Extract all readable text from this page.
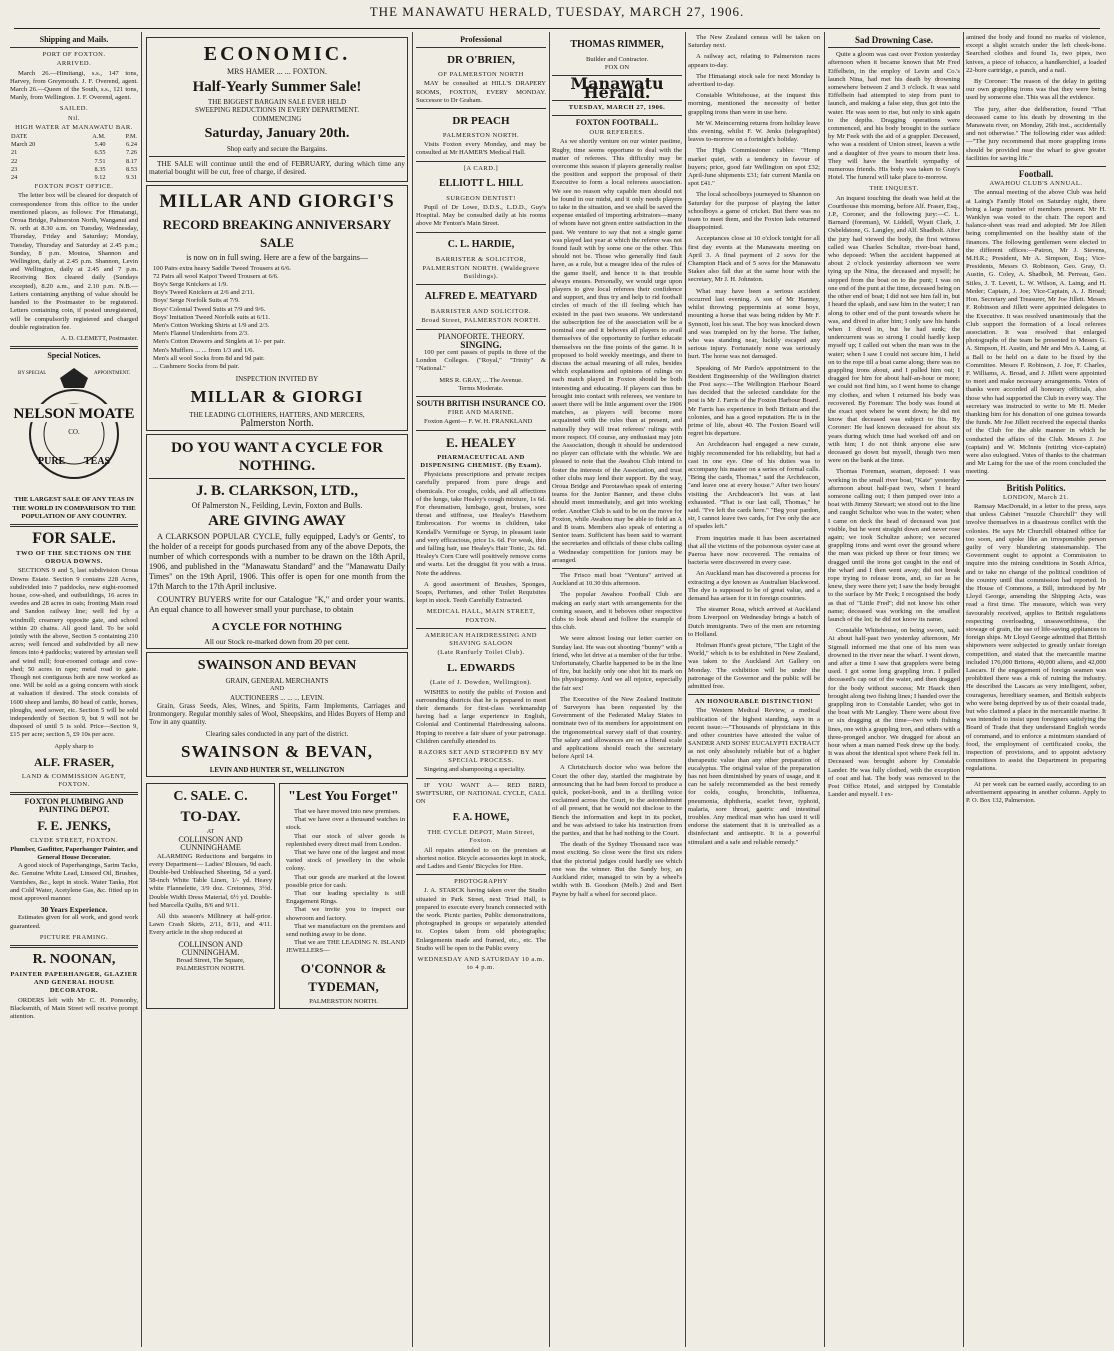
THE MANAWATU HERALD, TUESDAY, MARCH 27, 1906.
Shipping and Mails.
PORT OF FOXTON.
ARRIVED.
March 26.—Himitangi, s.s., 147 tons, Harvey, from Greymouth. J. F. Overend, agent. March 26.—Queen of the South, s.s., 121 tons, Manly, from Wellington. J. F. Overend, agent.
SAILED.
Nil.
HIGH WATER AT MANAWATU BAR.
DATE	A.M.	P.M.
March 20	5.40	6.24
21	6.55	7.26
22	7.51	8.17
23	8.35	8.53
24	9.12	9.31
FOXTON POST OFFICE.
The letter box will be cleared for despatch of correspondence from this office to the under mentioned places, as follows: For Himatangi, Oroua Bridge, Palmerston North, Wanganui and N. orth at 8.30 a.m. on Tuesday, Wednesday, Thursday, Friday and Saturday; Monday, Tuesday, Thursday and Saturday at 2.45 p.m.; Sunday, 8 p.m. Moutoa, Shannon and Wellington, daily at 2.45 p.m. Shannon, Levin and Wellington, daily at 2.45 and 7 p.m. Receiving Box cleared daily (Sundays excepted), 8.20 a.m., and 2.10 p.m. N.B.—Letters containing anything of value should be handed to the Postmaster to be registered. Letters containing coin, if posted unregistered, will be compulsorily registered and charged double registration fee.
A. D. CLEMETT, Postmaster.
Special Notices.
NELSON MOATE
BY SPECIAL	APPOINTMENT.
CO.
PURE TEAS
THE LARGEST SALE OF ANY TEAS IN THE WORLD IN COMPARISON TO THE POPULATION OF ANY COUNTRY.
FOR SALE.
TWO OF THE SECTIONS ON THE OROUA DOWNS.
SECTIONS 9 and 5, last subdivision Oroua Downs Estate. Section 9 contains 228 Acres, subdivided into 7 paddocks, new eight-roomed house, cow-shed, and outbuildings, 16 acres in swedes and 28 acres in oats; fronting Main road and Sandon railway line; well fed by a windmill; creamery opposite gate, and school within 20 chains. All good land. To be sold jointly with the above, Section 5 containing 210 acres; well fenced and subdivided by all new fences into 4 paddocks; watered by artesian well and wind mill; four-roomed cottage and cow-shed; 50 acres in rape; metal road to gate. Though not contiguous both are now worked as one. Will be sold as a going concern with stock at valuation if desired. The stock consists of 1600 sheep and lambs, 80 head of cattle, horses, ploughs, seed sower, etc. Section 5 will be sold independently of Section 9, but 9 will not be disposed of until 5 is sold. Price—Section 9, £15 per acre; section 5, £9 10s per acre.
Apply sharp to
ALF. FRASER,
LAND & COMMISSION AGENT, FOXTON.
FOXTON PLUMBING AND PAINTING DEPOT.
F. E. JENKS,
CLYDE STREET, FOXTON.
Plumber, Gasfitter, Paperhanger Painter, and General House Decorator.
A good stock of Paperhangings, Sarim Tacks, &c. Genuine White Lead, Linseed Oil, Brushes, Varnishes, &c., kept in stock. Water Tanks, Hot and Cold Water, Acetylene Gas, &c. fitted up in most approved manner.
30 Years Experience.
Estimates given for all work, and good work guaranteed.
PICTURE FRAMING.
R. NOONAN,
PAINTER PAPERHANGER, GLAZIER AND GENERAL HOUSE DECORATOR.
ORDERS left with Mr C. H. Ponsonby, Blacksmith, of Main Street will receive prompt attention.
ECONOMIC.
MRS HAMER ... ... FOXTON.
Half-Yearly Summer Sale!
THE BIGGEST BARGAIN SALE EVER HELD
SWEEPING REDUCTIONS IN EVERY DEPARTMENT.
COMMENCING
Saturday, January 20th.
Shop early and secure the Bargains.
THE SALE will continue until the end of FEBRUARY, during which time any material bought will be cut, free of charge, if desired.
MILLAR AND GIORGI'S
RECORD BREAKING ANNIVERSARY SALE
is now on in full swing. Here are a few of the bargains—
100 Pairs extra heavy Saddle Tweed Trousers at 6/6.
72 Pairs all wool Kaipoi Tweed Trousers at 6/6.
Boy's Serge Knickers at 1/9.
Boy's Tweed Knickers at 2/6 and 2/11.
Boys' Serge Norfolk Suits at 7/9.
Boys' Colonial Tweed Suits at 7/9 and 9/6.
Boys' Imitation Tweed Norfolk suits at 6/11.
Men's Cotton Working Shirts at 1/9 and 2/3.
Men's Flannel Undershirts from 2/3.
Men's Cotton Drawers and Singlets at 1/- per pair.
Men's Mufflers ... ... from 1/3 and 1/6.
Men's all wool Socks from 8d and 9d pair.
... Cashmere Socks from 8d pair.
INSPECTION INVITED BY
MILLAR & GIORGI
THE LEADING CLOTHIERS, HATTERS, AND MERCERS,
Palmerston North.
DO YOU WANT A CYCLE FOR NOTHING.
J. B. CLARKSON, LTD.,
Of Palmerston N., Feilding, Levin, Foxton and Bulls.
ARE GIVING AWAY
A CLARKSON POPULAR CYCLE, fully equipped, Lady's or Gents', to the holder of a receipt for goods purchased from any of the above Depots, the number of which corresponds with a number to be drawn on the 18th April, 1906, and published in the "Manawatu Standard" and the "Manawatu Daily Times" on the 19th April, 1906. This offer is open for one month from the 17th March to the 17th April inclusive.
COUNTRY BUYERS write for our Catalogue "K," and order your wants. An equal chance to all however small your purchase, to obtain
A CYCLE FOR NOTHING
All our Stock re-marked down from 20 per cent.
SWAINSON AND BEVAN
GRAIN, GENERAL MERCHANTS
AND
AUCTIONEERS ... ... ... LEVIN.
Grain, Grass Seeds, Ales, Wines, and Spirits, Farm Implements, Carriages and Ironmongery. Regular monthly sales of Wool, Sheepskins, and Hides Buyers of Hemp and Tow in any quantity.
Clearing sales conducted in any part of the district.
SWAINSON & BEVAN,
LEVIN AND HUNTER ST., WELLINGTON
C. SALE. C.
TO-DAY.
AT
COLLINSON AND CUNNINGHAME
ALARMING Reductions and bargains in every Department— Ladies' Blouses, 9d each. Double-bed Unbleached Sheeting, 5d a yard. 58-inch White Table Linen, 1/- yd. Heavy white Flannelette, 3/9 doz. Cretonnes, 3½d. Double Width Dress Material, 6½ yd. Double-bed Marcella Quilts, 8/6 and 9/11.
All this season's Millinery at half-price. Lawn Crash Skirts, 2/11, 8/11, and 4/11. Every article in the shop reduced at
COLLINSON AND CUNNINGHAM.
Broad Street, The Square,
PALMERSTON NORTH.
"Lest You Forget"
That we have moved into new premises.
That we have over a thousand watches in stock.
That our stock of silver goods is replenished every direct mail from London.
That we have one of the largest and most varied stock of jewellery in the whole colony.
That our goods are marked at the lowest possible price for cash.
That our leading speciality is still Engagement Rings.
That we invite you to inspect our showroom and factory.
That we manufacture on the premises and send nothing away to be done.
That we are THE LEADING N. ISLAND JEWELLERS—
O'CONNOR & TYDEMAN,
PALMERSTON NORTH.
Professional
DR O'BRIEN,
OF PALMERSTON NORTH
MAY be consulted at HILL'S DRAPERY ROOMS, FOXTON, EVERY MONDAY. Successor to Dr Graham.
DR PEACH
PALMERSTON NORTH.
Visits Foxton every Monday, and may be consulted at Mr HAMER'S Medical Hall.
[A CARD.]
ELLIOTT L. HILL
SURGEON DENTIST!
Pupil of Dr Lowe, D.D.S., L.D.D., Guy's Hospital. May be consulted daily at his rooms above Mr Fenton's Main Street.
C. L. HARDIE,
BARRISTER & SOLICITOR,
PALMERSTON NORTH. (Waldegrave Buildings).
ALFRED E. MEATYARD
BARRISTER AND SOLICITOR.
Broad Street, PALMERSTON NORTH.
PIANOFORTE. THEORY.
SINGING.
100 per cent passes of pupils in three of the London Colleges. ("Royal," "Trinity" & "National."
MRS R. GRAY, ... The Avenue.
Terms Moderate.
SOUTH BRITISH INSURANCE CO.
FIRE AND MARINE.
Foxton Agent— F. W. H. FRANKLAND
E. HEALEY
PHARMACEUTICAL AND DISPENSING CHEMIST. (By Exam).
Physicians prescriptions and private recipes carefully prepared from pure drugs and chemicals. For coughs, colds, and all affections of the lungs, take Healey's cough mixture, 1s 6d. For rheumatism, lumbago, gout, bruises, sore throat and stiffness, use Healey's Hawthorn Embrocation. For worms in children, take Kendall's Vermifuge or Syrup, in pleasant taste and very efficacious, price 1s. 6d. For weak, thin and falling hair, use Healey's Hair Tonic, 2s. 6d. Healey's Corn Cure will positively remove corns and warts. Let the druggist fit you with a truss. Note the address.
A good assortment of Brushes, Sponges, Soaps, Perfumes, and other Toilet Requisites kept in stock. Teeth Carefully Extracted.
MEDICAL HALL, MAIN STREET, FOXTON.
AMERICAN HAIRDRESSING AND SHAVING SALOON
(Late Ranfurly Toilet Club).
L. EDWARDS
(Late of J. Dowden, Wellington).
WISHES to notify the public of Foxton and surrounding districts that he is prepared to meet their demands for first-class workmanship having had a large experience in English, Colonial and Continental Hairdressing saloons. Hoping to receive a fair share of your patronage. Children carefully attended to.
RAZORS SET AND STROPPED BY MY SPECIAL PROCESS.
Singeing and shampooing a speciality.
IF YOU WANT A— RED BIRD, SWIFTSURE, OF NATIONAL CYCLE, CALL ON
F. A. HOWE,
THE CYCLE DEPOT, Main Street, Foxton.
All repairs attended to on the premises at shortest notice. Bicycle accessories kept in stock, and Ladies and Gents' Bicycles for Hire.
PHOTOGRAPHY
J. A. STARCK having taken over the Studio situated in Park Street, next Triad Hall, is prepared to execute every branch connected with the work. Picnic parties, Public demonstrations, photographed in groups or separately attended to. Copies taken from old photographs; Enlargements made and framed, etc., etc. The Studio will be open to the Public every
WEDNESDAY AND SATURDAY 10 a.m. to 4 p.m.
THOMAS RIMMER,
Builder and Contractor.
FOX ON
Manawatu Herald.
TUESDAY, MARCH 27, 1906.
FOXTON FOOTBALL.
OUR REFEREES.
As we shortly venture on our winter pastime, Rugby, time seems opportune to deal with the matter of referees. This difficulty may be overcome this season if players generally realise the position and support the proposal of their Executive to form a local referees association. We see no reason why capable men should not be found in our midst, and it only needs players to take in the situation, and we shall be saved the expense entailed of importing arbitrators—many of whom have not given entire satisfaction in the past. We venture to say that not a single game was played last year at which the referee was not found fault with by some one or the other. This should not be. Those who generally find fault have, as a rule, but a meagre idea of the rules of the game itself, and hence it is that trouble always ensues. Personally, we would urge upon players to give local referees their confidence and support, and thus try and help to rid football circles of much of the ill feeling which has existed in the past two seasons. We understand the subscription fee of the association will be a nominal one and it behoves all players to avail themselves of the opportunity to further educate themselves on the fine points of the game. It is proposed to hold weekly meetings, and there to discuss the actual meaning of all rules, besides which explanations and opinions of rulings on each match played in Foxton should be both interesting and educating. If players can thus be brought into contact with referees, we venture to assert there will be little argument over the 1906 matches, as players will become more acquainted with the rules than at present, and naturally they will treat referees' rulings with more respect. Of course, any enthusiast may join the Association, though it should be understood no player can officiate with the whistle. We are pleased to note that the Awahou Club intend to foster the interests of the Association, and trust other clubs may lend their support. By the way, Oroua Bridge and Porotawhao speak of entering teams for the Junior Banner, and these clubs should meet immediately, and get into working order. Another Club is said to be on the move for Foxton, while Awahou may be able to field an A and B team. Members also speak of entering a Senior team. Sufficient has been said to warrant the secretaries and officials of these clubs calling a Wednesday competition for juniors may be arranged.
The Frisco mail boat "Ventura" arrived at Auckland at 10.30 this afternoon.
The popular Awahou Football Club are making an early start with arrangements for the coming season, and it behoves other respective clubs to look ahead and follow the example of this club.
We were almost losing our letter carrier on Sunday last. He was out shooting "bunny" with a friend, who let drive at a member of the fur tribe. Unfortunately, Charlie happened to be in the line of fire, but luckily only one shot hit its mark on his physiognomy. And we all rejoice, especially the fair sex!
The Executive of the New Zealand Institute of Surveyors has been requested by the Government of the Federated Malay States to nominate two of its members for appointment on the trigonometrical survey staff of that country. The salary and allowances are on a liberal scale and applications should reach the secretary before April 14.
A Christchurch doctor who was before the Court the other day, startled the magistrate by announcing that he had been forced to produce a quick, pocket-book, and in a thrilling voice exclaimed across the Court, to the astonishment of all present, that he would not disclose to the Bench the information and kept in its pocket, and be was advised to take his instruction from the parties, and that he had nothing to the Court.
The death of the Sydney Thousand race was most exciting. So close were the first six riders that the pictorial judges could hardly see which one was the winner. But the Sandy boy, an Auckland rider, managed to win by a wheel's width with B. Goodson (Melb.) 2nd and Bert Payne by half a wheel for second place.
The New Zealand census will be taken on Saturday next.
A railway act, relating to Palmerston races appears to-day.
The Himatangi stock sale for next Monday is advertised to-day.
Constable Whitehouse, at the inquest this morning, mentioned the necessity of better grappling irons than were in use here.
Mr W. Meincerning returns from holiday leave this evening, whilst F. W. Jenks (telegraphist) leaves to-morrow on a fortnight's holiday.
The High Commissioner cables: "Hemp market quiet, with a tendency in favour of buyers; price, good fair Wellington on spot £32; April-June shipments £31; fair current Manila on spot £41."
The local schoolboys journeyed to Shannon on Saturday for the purpose of playing the latter schoolboys a game of cricket. But there was no team to meet them, and the Foxton lads returned disappointed.
Acceptances close at 10 o'clock tonight for all first day events at the Manawatu meeting on April 3. A final payment of 2 sovs for the Champion Hack and of 5 sovs for the Manawatu Stakes also fall due at the same hour with the secretary, Mr J. H. Johnston.
What may have been a serious accident occurred last evening. A son of Mr Hanney, whilst throwing peppermints at some boys, mounting a horse that was being ridden by Mr F. Synnott, lost his seat. The boy was knocked down and was trampled on by the horse. The father, who was standing near, luckily escaped any serious injury. Fortunately none was seriously hurt. The horse was not damaged.
Speaking of Mr Pardo's appointment to the Resident Engineership of the Wellington district the Post says:—The Wellington Harbour Board has decided that the selected candidate for the post is Mr J. Farris of the Foxton Harbour Board. Mr Farris has experience in both Britain and the colonies, and has a good reputation. He is in the prime of life, about 40. The Foxton Board will regret his departure.
An Archdeacon had engaged a new curate, highly recommended for his reliability, but had a cast in one eye. One of his duties was to accompany his master on a series of formal calls. "Bring the cards, Thomas," said the Archdeacon, "and leave one at every house." After two hours' visiting the Archdeacon's list was at last exhausted. "That is our last call, Thomas," he said. "I've left the cards here." "Beg your pardon, sir, I cannot leave two cards, for I've only the ace of spades left."
From inquiries made it has been ascertained that all the victims of the poisonous oyster case at Paeroa have now recovered. The remains of bacteria were discovered in every case.
An Auckland man has discovered a process for extracting a dye known as Australian blackwood. The dye is supposed to be of great value, and a demand has arisen for it in foreign countries.
The steamer Rosa, which arrived at Auckland from Liverpool on Wednesday brings a batch of Dutch immigrants. Two of the men are returning to Holland.
Holman Hunt's great picture, "The Light of the World," which is to be exhibited in New Zealand, was taken to the Auckland Art Gallery on Monday. The exhibition will be under the patronage of the Governor and the public will be admitted free.
AN HONOURABLE DISTINCTION!
The Western Medical Review, a medical publication of the highest standing, says in a recent issue:—"Thousands of physicians in this and other countries have attested the value of SANDER AND SONS' EUCALYPTI EXTRACT as not only absolutely reliable but of a higher therapeutic value than any other preparation of eucalyptus. The original value of the preparation has not been diminished by years of usage, and it can be safely recommended as the best remedy for colds, coughs, bronchitis, influenza, pneumonia, diphtheria, scarlet fever, typhoid, malaria, sore throat, gastric and intestinal troubles. Any medical man who has used it will endorse the statement that it is unrivalled as a disinfectant and antiseptic. It is a powerful stimulant and a safe and reliable remedy."
Sad Drowning Case.
Quite a gloom was cast over Foxton yesterday afternoon when it became known that Mr Fred Eiffelbein, in the employ of Levin and Co.'s launch Nina, had met his death by drowning somewhere between 2 and 3 o'clock. It was said Eiffelbein had attempted to step from punt to launch, and making a false step, thus got into the water. He was seen to rise, but only to sink again to the depths. Dragging operations were commenced, and his body brought to the surface by Mr Feek with the aid of a grappler. Deceased, who was a resident of Union street, leaves a wife and a daughter of five years to mourn their loss. They will have the heartfelt sympathy of numerous friends. His body was taken to Gray's Hotel. The funeral will take place to-morrow.
THE INQUEST.
An inquest touching the death was held at the Courthouse this morning, before Alf. Fraser, Esq., J.P., Coroner, and the following jury:—C. L. Barnard (foreman), W. Liddell, Wyatt Clark, J. Osbeldstone, G. Langley, and Alf. Shadbolt. After the jury had viewed the body, the first witness called was Charles Schultze, river-boat hand, who deposed: When the accident happened at about 2 o'clock yesterday afternoon we were tying up the Nina, the deceased and myself; he stepped from the boat on to the punt; I was on one end of the punt at the time, deceased being on the other end of boat; I did not see him fall in, but I heard the splash, and saw him in the water; I ran along to other end of the punt towards where he was, and dived in after him; I only saw his hands when I dived in, but he had sunk; the undercurrent was so strong I could hardly keep myself up; I called out when the man was in the water; when I saw I could not secure him, I held on to the rope till a boat came along; there was no grappling irons about, and I pulled him out; I dragged for him for about half-an-hour or more; we could not find him, so I went home to change my clothes, and when I returned his body was recovered. By Foreman: The body was found at the exact spot where he went down; he did not know that deceased was subject to fits. By Coroner: He had known deceased for about six years during which time had worked off and on with him; I do not think anyone else saw deceased go down but myself, though two men were on the bank at the time.
Thomas Foreman, seaman, deposed: I was working in the small river boat, "Kate" yesterday afternoon about half-past two, when I heard someone calling out; I then jumped over into a boat with Jimmy Stewart; we stood out to the line and caught Schultze who was in the water; when I came on deck the head of deceased was just visible, but he went straight down and never rose again; we took Schultze ashore; we secured grappling irons and went over the ground where the man was picked up three or four times; we dragged until the irons got caught in the end of the wharf and I then went away; did not break rope trying to release irons, and, so far as he knew, they were there yet; I saw the body brought to the surface by Mr Feek; I recognised the body as that of "Little Fred"; did not know his other name; deceased was working on the smallest launch of the lot; he did not know its name.
Constable Whitehouse, on being sworn, said: At about half-past two yesterday afternoon, Mr Sigmall informed me that one of his men was drowned in the river near the wharf. I went down, and after a time I saw that grapplers were being used. I got some long grappling iron. I pulled deceased's cap out of the water, and then dragged for the body without success; Mr Haack then brought along two fishing lines; I handed over the grappling iron to Constable Lander, who got in the boat with Mr Langley. There were about five or six dragging at the time—two with fishing lines, one with a grappling iron, and others with a three-pronged anchor. We dragged for about an hour when a man named Feek drew up the body. It was about the identical spot where Feek fell in. Deceased was brought ashore by Constable Lander. He was fully clothed, with the exception of coat and hat. The body was removed to the Post Office Hotel, and stripped by Constable Lander and myself. I ex-
amined the body and found no marks of violence, except a slight scratch under the left cheek-bone. Searched clothes and found 1s, two pipes, two knives, a piece of tobacco, a handkerchief, a loaded 22-bore cartridge, a punch, and a nail.
By Coroner: The reason of the delay in getting our own grappling irons was that they were being used by someone else. This was all the evidence.
The jury, after due deliberation, found "That deceased came to his death by drowning in the Manawatu river, on Monday, 26th inst., accidentally and not otherwise." The following rider was added:—"The jury recommend that more grappling irons should be provided near the wharf to give greater facilities for saving life."
Football.
AWAHOU CLUB'S ANNUAL.
The annual meeting of the above Club was held at Laing's Family Hotel on Saturday night, there being a large number of members present. Mr H. Wanklyn was voted to the chair. The report and balance-sheet was read and adopted. Mr Joe Jillett being complimented on the healthy state of the finances. The following gentlemen were elected to the different offices:—Patron, Mr J. Stevens, M.H.R.; President, Mr A. Simpson, Esq.; Vice-Presidents, Messrs O. Robinson, Geo. Gray, O. Austin, G. Coley, A. Shadbolt, M. Perreau, Geo. Stiles, J. T. Levett, L. W. Wilson, A. Laing, and H. Meder; Captain, J. Joe; Vice-Captain, A. J. Broad; Hon. Secretary and Treasurer, Mr Joe Jillett. Messrs F. Robinson and Jillett were appointed delegates to the Executive. It was resolved unanimously that the Club support the formation of a local referees association. It was resolved that enlarged photographs of the team be presented to Messrs G. A. Simpson, H. Austin, and Mr and Mrs A. Laing, at a Ball to be held on a date to be fixed by the Committee. Messrs F. Robinson, J. Joe, F. Charles, F. Williams, A. Broad, and J. Jillett were appointed to meet and make necessary arrangements. Votes of thanks were accorded all honorary officials, also those who had supported the Club in every way. The secretary was instructed to write to Mr H. Meder thanking him for his donation of one guinea towards the funds. Mr Joe Jillett received the especial thanks of the Club for the able manner in which he conducted the affairs of the Club. Messrs J. Joe (captain) and W. McInnis (retiring vice-captain) were also eulogised. Votes of thanks to the chairman and Mr Laing for the use of the room concluded the meeting.
British Politics.
LONDON, March 21.
Ramsay MacDonald, in a letter to the press, says that unless Cabinet "muzzle Churchill" they will involve themselves in a disastrous conflict with the colonies. He says Mr Churchill obtained office far too soon, and spoke like an irresponsible person guilty of very blundering statesmanship. The Government ought to appoint a Commission to inquire into the mining conditions in South Africa, and to take no change of the political condition of the country until that commission had reported. In the House of Commons, a Bill, introduced by Mr Lloyd George, amending the Shipping Acts, was read a first time. The measure, which was very favourably received, applies to British regulations respecting overloading, unseaworthiness, the stowage of grain, the use of life-saving appliances to foreign ships. Mr Lloyd George admitted that British shipowners were subjected to greatly unfair foreign competition, and stated that the mercantile marine included 176,000 Britons, 40,000 aliens, and 42,000 Lascars. If the engagement of foreign seamen was prohibited there was a risk of ruining the industry. He described the Lascars as very intelligent, sober, courageous, hereditary seamen, and British subjects who were being deprived by us of their coastal trade, but who claimed a place in the mercantile marine. It was intended to insist upon foreigners satisfying the Board of Trade that they understand English words of command, and to enforce a minimum standard of food, the employment of certificated cooks, the inspection of provisions, and to appoint advisory committees to assist the Department in preparing regulations.
At per week can be earned easily, according to an advertisement appearing in another column. Apply to P. O. Box 132, Palmerston.
